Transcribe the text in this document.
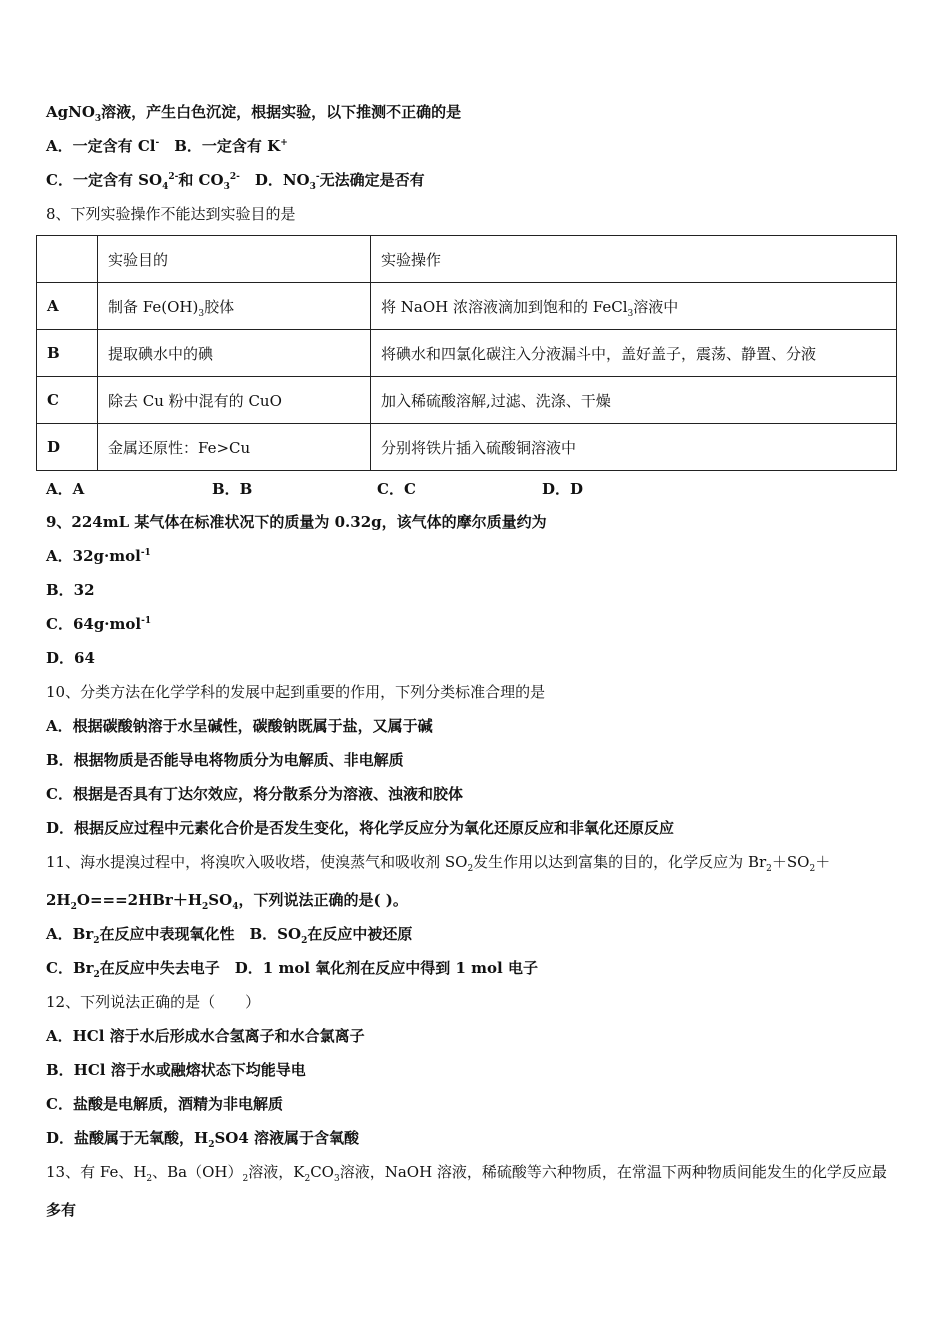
AgNO$_3$溶液，产生白色沉淀，根据实验，以下推测不正确的是
A．一定含有 Cl-　B．一定含有 K+
C．一定含有 $SO_4^{2-}$和 $CO_3^{2-}$　D．$NO_3^-$无法确定是否有
8、下列实验操作不能达到实验目的是
	实验目的	实验操作
A	制备 $Fe(OH)_3$胶体	将 NaOH 浓溶液滴加到饱和的 FeCl$_3$溶液中
B	提取碘水中的碘	将碘水和四氯化碳注入分液漏斗中，盖好盖子，震荡、静置、分液
C	除去 Cu 粉中混有的 CuO	加入稀硫酸溶解,过滤、洗涤、干燥
D	金属还原性：Fe>Cu	分别将铁片插入硫酸铜溶液中
A．A	B．B	C．C	D．D
9、224mL 某气体在标准状况下的质量为 0.32g，该气体的摩尔质量约为
A．32g·mol$^{-1}$
B．32
C．64g·mol$^{-1}$
D．64
10、分类方法在化学学科的发展中起到重要的作用，下列分类标准合理的是
A．根据碳酸钠溶于水呈碱性，碳酸钠既属于盐，又属于碱
B．根据物质是否能导电将物质分为电解质、非电解质
C．根据是否具有丁达尔效应，将分散系分为溶液、浊液和胶体
D．根据反应过程中元素化合价是否发生变化，将化学反应分为氧化还原反应和非氧化还原反应
11、海水提溴过程中，将溴吹入吸收塔，使溴蒸气和吸收剂 $SO_2$发生作用以达到富集的目的，化学反应为 $Br_2+SO_2+$
$2H_2O===2HBr+H_2SO_4$，下列说法正确的是( )。
A．$Br_2$在反应中表现氧化性　B．$SO_2$在反应中被还原
C．$Br_2$在反应中失去电子　D．1 mol 氧化剂在反应中得到 1 mol 电子
12、下列说法正确的是（　　）
A．HCl 溶于水后形成水合氢离子和水合氯离子
B．HCl 溶于水或融熔状态下均能导电
C．盐酸是电解质，酒精为非电解质
D．盐酸属于无氧酸，$H_2SO4$ 溶液属于含氧酸
13、有 Fe、$H_2$、$Ba(OH)_2$溶液，$K_2CO_3$溶液，NaOH 溶液，稀硫酸等六种物质，在常温下两种物质间能发生的化学反应最
多有
